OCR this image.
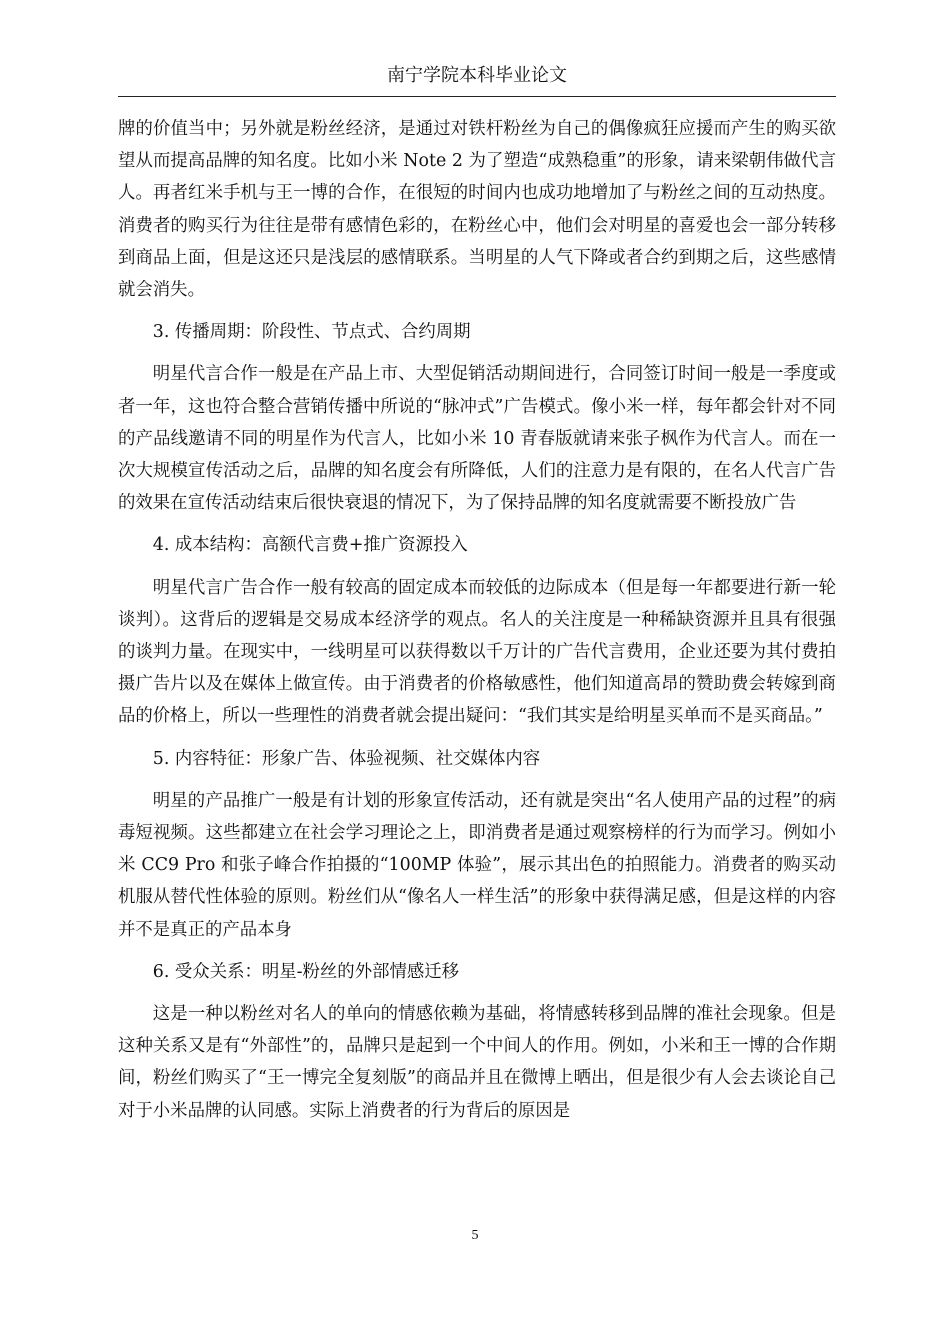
南宁学院本科毕业论文

牌的价值当中；另外就是粉丝经济，是通过对铁杆粉丝为自己的偶像疯狂应援而产生的购买欲望从而提高品牌的知名度。比如小米 Note 2 为了塑造“成熟稳重”的形象，请来梁朝伟做代言人。再者红米手机与王一博的合作，在很短的时间内也成功地增加了与粉丝之间的互动热度。消费者的购买行为往往是带有感情色彩的，在粉丝心中，他们会对明星的喜爱也会一部分转移到商品上面，但是这还只是浅层的感情联系。当明星的人气下降或者合约到期之后，这些感情就会消失。

3. 传播周期：阶段性、节点式、合约周期

明星代言合作一般是在产品上市、大型促销活动期间进行，合同签订时间一般是一季度或者一年，这也符合整合营销传播中所说的“脉冲式”广告模式。像小米一样，每年都会针对不同的产品线邀请不同的明星作为代言人，比如小米 10 青春版就请来张子枫作为代言人。而在一次大规模宣传活动之后，品牌的知名度会有所降低，人们的注意力是有限的，在名人代言广告的效果在宣传活动结束后很快衰退的情况下，为了保持品牌的知名度就需要不断投放广告

4. 成本结构：高额代言费+推广资源投入

明星代言广告合作一般有较高的固定成本而较低的边际成本（但是每一年都要进行新一轮谈判）。这背后的逻辑是交易成本经济学的观点。名人的关注度是一种稀缺资源并且具有很强的谈判力量。在现实中，一线明星可以获得数以千万计的广告代言费用，企业还要为其付费拍摄广告片以及在媒体上做宣传。由于消费者的价格敏感性，他们知道高昂的赞助费会转嫁到商品的价格上，所以一些理性的消费者就会提出疑问：“我们其实是给明星买单而不是买商品。”

5. 内容特征：形象广告、体验视频、社交媒体内容

明星的产品推广一般是有计划的形象宣传活动，还有就是突出“名人使用产品的过程”的病毒短视频。这些都建立在社会学习理论之上，即消费者是通过观察榜样的行为而学习。例如小米 CC9 Pro 和张子峰合作拍摄的“100MP 体验”，展示其出色的拍照能力。消费者的购买动机服从替代性体验的原则。粉丝们从“像名人一样生活”的形象中获得满足感，但是这样的内容并不是真正的产品本身

6. 受众关系：明星-粉丝的外部情感迁移

这是一种以粉丝对名人的单向的情感依赖为基础，将情感转移到品牌的准社会现象。但是这种关系又是有“外部性”的，品牌只是起到一个中间人的作用。例如，小米和王一博的合作期间，粉丝们购买了“王一博完全复刻版”的商品并且在微博上晒出，但是很少有人会去谈论自己对于小米品牌的认同感。实际上消费者的行为背后的原因是

5
